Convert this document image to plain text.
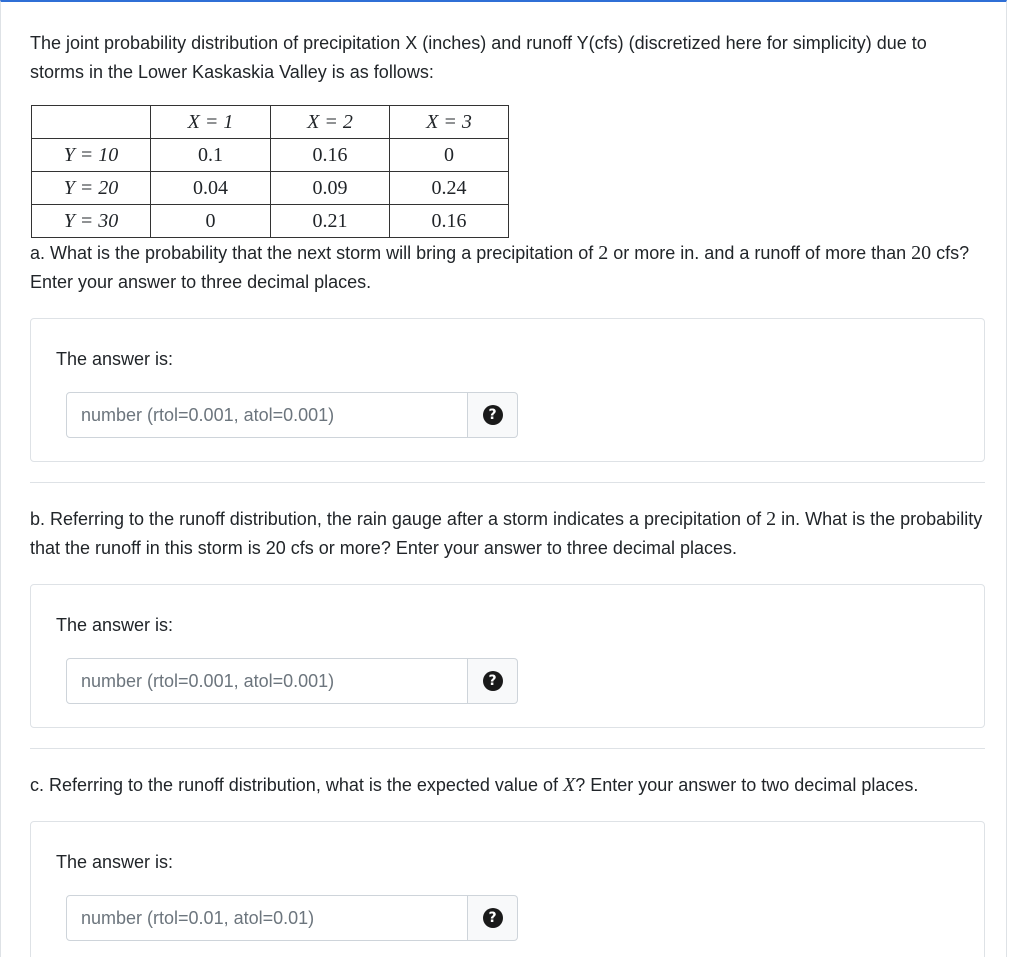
The joint probability distribution of precipitation X (inches) and runoff Y(cfs) (discretized here for simplicity) due to storms in the Lower Kaskaskia Valley is as follows:

	X = 1	X = 2	X = 3
Y = 10	0.1	0.16	0
Y = 20	0.04	0.09	0.24
Y = 30	0	0.21	0.16

a. What is the probability that the next storm will bring a precipitation of 2 or more in. and a runoff of more than 20 cfs? Enter your answer to three decimal places.

The answer is:
number (rtol=0.001, atol=0.001)
?

b. Referring to the runoff distribution, the rain gauge after a storm indicates a precipitation of 2 in. What is the probability that the runoff in this storm is 20 cfs or more? Enter your answer to three decimal places.

The answer is:
number (rtol=0.001, atol=0.001)
?

c. Referring to the runoff distribution, what is the expected value of X? Enter your answer to two decimal places.

The answer is:
number (rtol=0.01, atol=0.01)
?
